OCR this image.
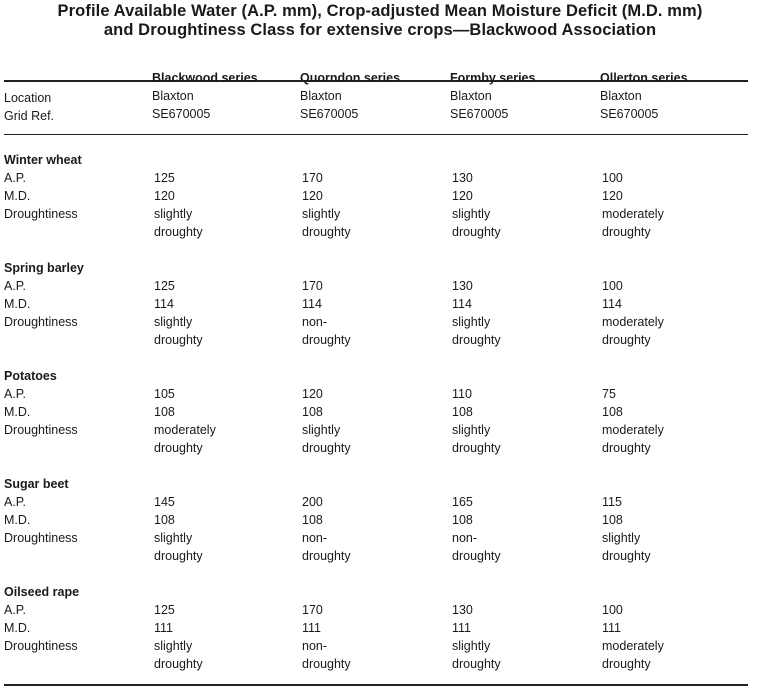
Profile Available Water (A.P. mm), Crop-adjusted Mean Moisture Deficit (M.D. mm)
and Droughtiness Class for extensive crops—Blackwood Association
Blackwood series
Blaxton
SE670005
Quorndon series
Blaxton
SE670005
Formby series
Blaxton
SE670005
Ollerton series
Blaxton
SE670005
Location
Grid Ref.
Winter wheat
A.P.
M.D.
Droughtiness
125
120
slightly
droughty
170
120
slightly
droughty
130
120
slightly
droughty
100
120
moderately
droughty
Spring barley
A.P.
M.D.
Droughtiness
125
114
slightly
droughty
170
114
non-
droughty
130
114
slightly
droughty
100
114
moderately
droughty
Potatoes
A.P.
M.D.
Droughtiness
105
108
moderately
droughty
120
108
slightly
droughty
110
108
slightly
droughty
75
108
moderately
droughty
Sugar beet
A.P.
M.D.
Droughtiness
145
108
slightly
droughty
200
108
non-
droughty
165
108
non-
droughty
115
108
slightly
droughty
Oilseed rape
A.P.
M.D.
Droughtiness
125
111
slightly
droughty
170
111
non-
droughty
130
111
slightly
droughty
100
111
moderately
droughty
